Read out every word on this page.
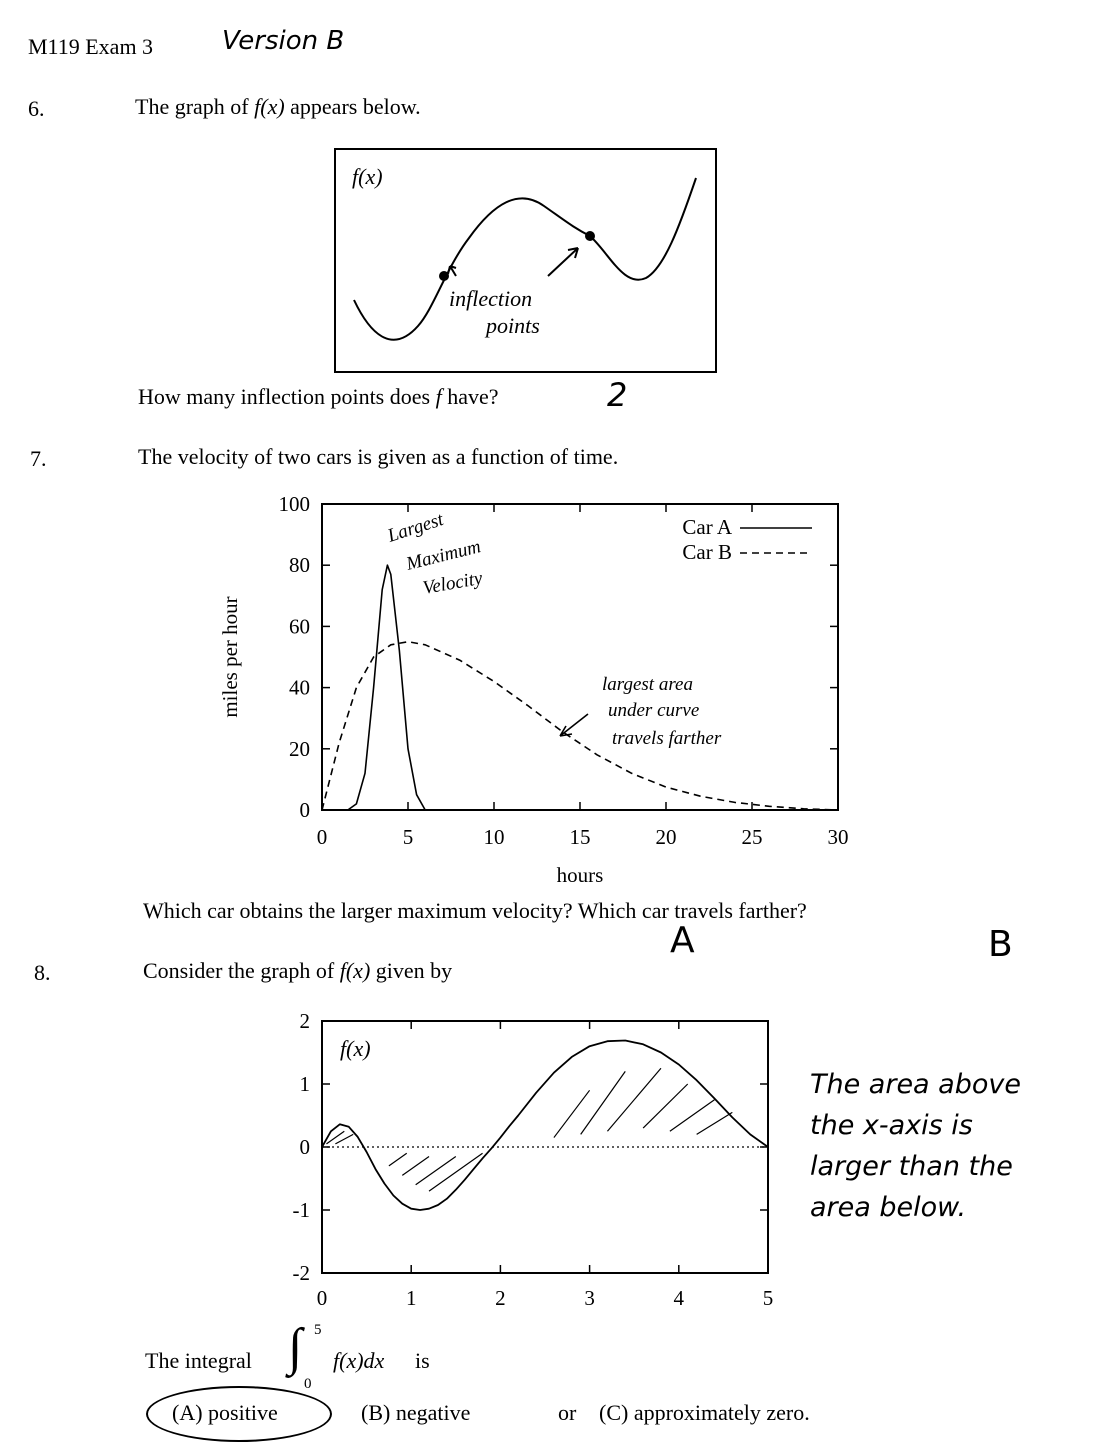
M119 Exam 3	Version B
6.	The graph of f(x) appears below.
f(x)
inflection
points
How many inflection points does f have?	2
7.	The velocity of two cars is given as a function of time.
0	5	10	15	20	25	30
0
20
40
60
80
100
hours
miles per hour
Car A
Car B
Largest
Maximum
Velocity
largest area
under curve
travels farther
Which car obtains the larger maximum velocity? Which car travels farther?
A	B
8.	Consider the graph of f(x) given by
0	1	2	3	4	5
-2
-1
0
1
2
f(x)
The area above
the x-axis is
larger than the
area below.
The integral ∫ 5
0
f(x)dx is
(A) positive	(B) negative	or (C) approximately zero.
